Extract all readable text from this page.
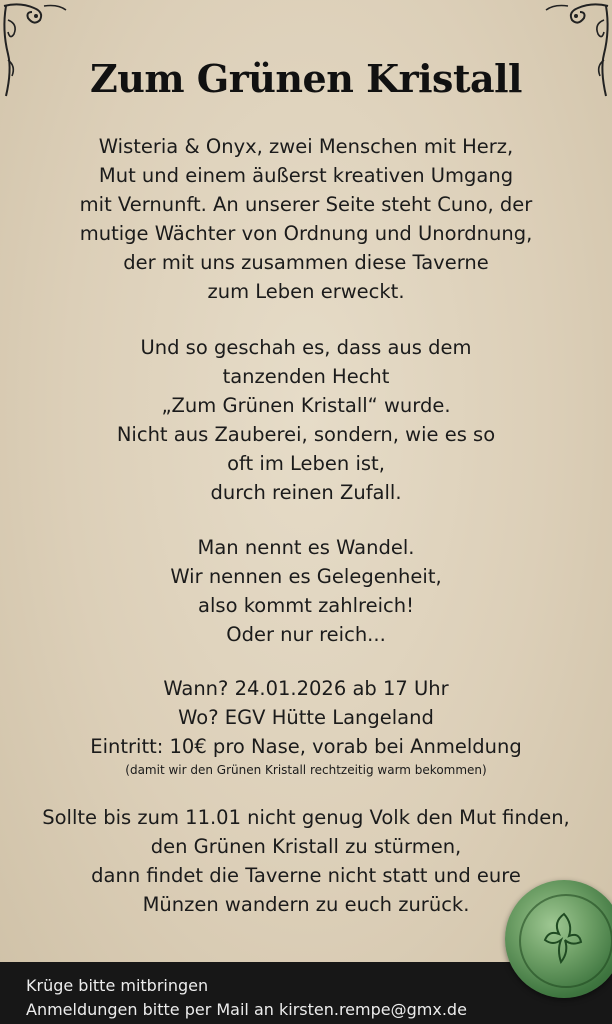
Zum Grünen Kristall
Wisteria & Onyx, zwei Menschen mit Herz,
Mut und einem äußerst kreativen Umgang
mit Vernunft. An unserer Seite steht Cuno, der
mutige Wächter von Ordnung und Unordnung,
der mit uns zusammen diese Taverne
zum Leben erweckt.
Und so geschah es, dass aus dem
tanzenden Hecht
„Zum Grünen Kristall“ wurde.
Nicht aus Zauberei, sondern, wie es so
oft im Leben ist,
durch reinen Zufall.
Man nennt es Wandel.
Wir nennen es Gelegenheit,
also kommt zahlreich!
Oder nur reich...
Wann? 24.01.2026 ab 17 Uhr
Wo? EGV Hütte Langeland
Eintritt: 10€ pro Nase, vorab bei Anmeldung
(damit wir den Grünen Kristall rechtzeitig warm bekommen)
Sollte bis zum 11.01 nicht genug Volk den Mut finden,
den Grünen Kristall zu stürmen,
dann findet die Taverne nicht statt und eure
Münzen wandern zu euch zurück.
Krüge bitte mitbringen
Anmeldungen bitte per Mail an kirsten.rempe@gmx.de
